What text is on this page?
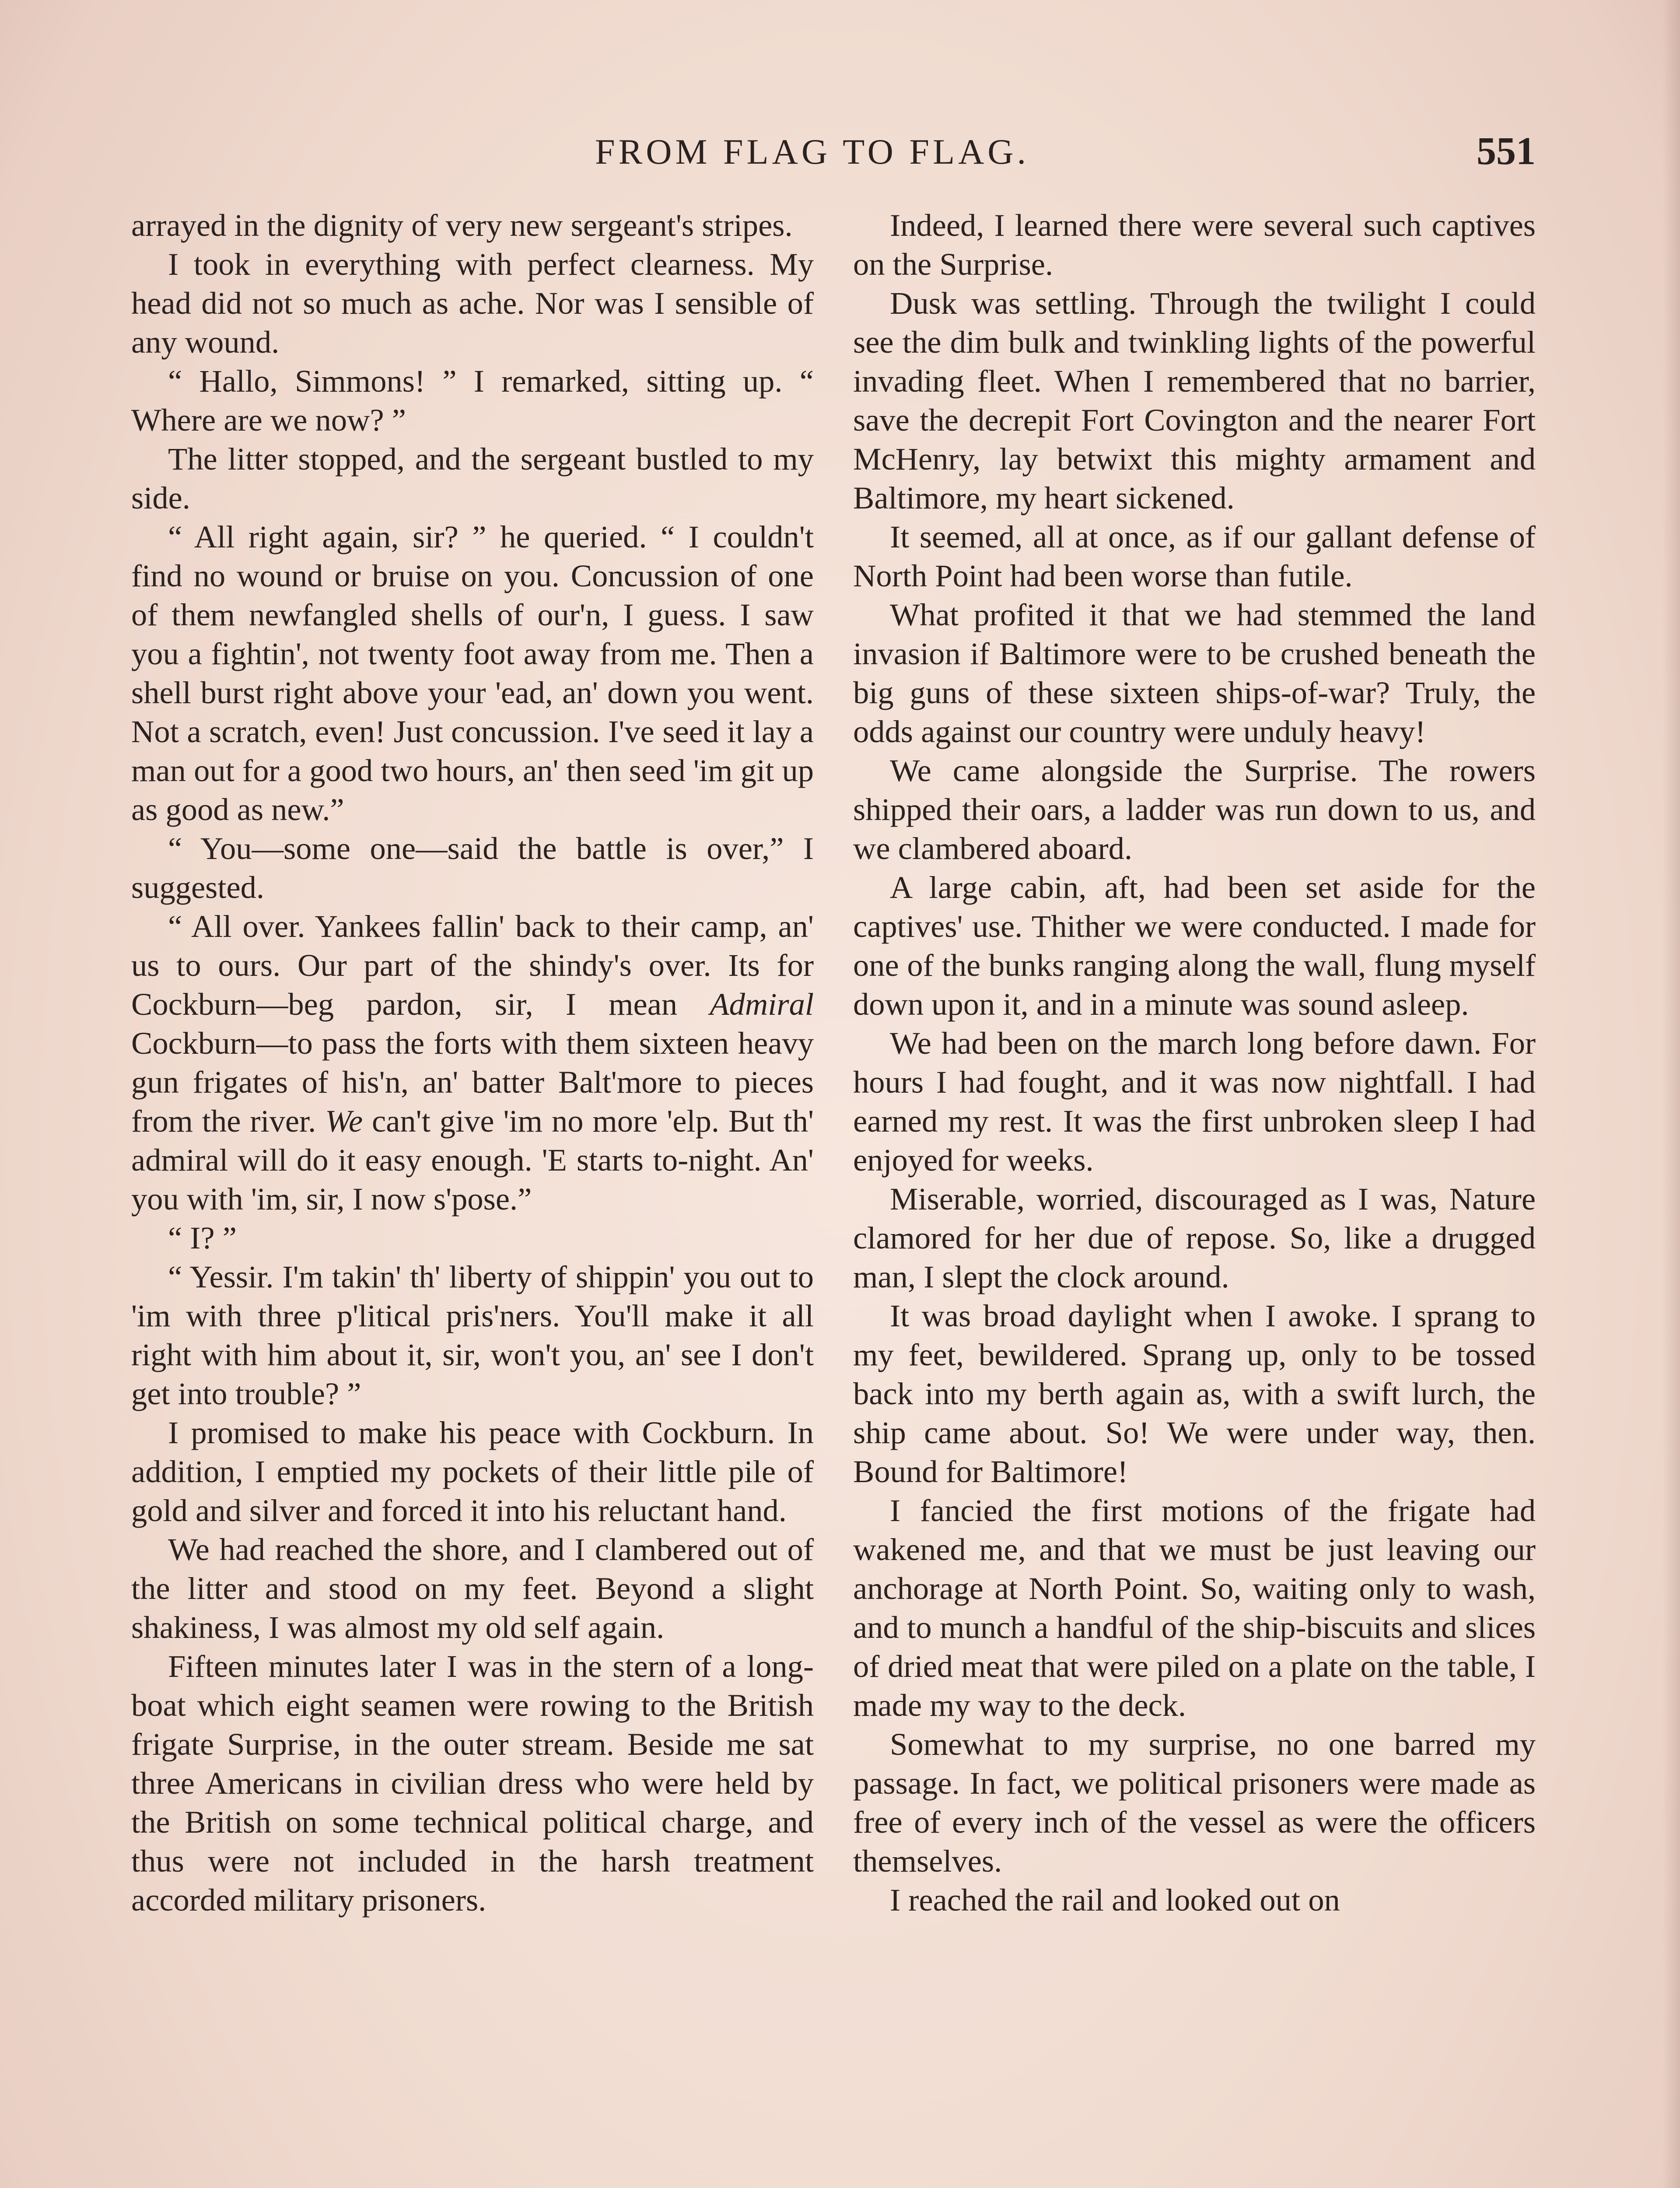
FROM FLAG TO FLAG.	551

arrayed in the dignity of very new sergeant's stripes.

I took in everything with perfect clearness. My head did not so much as ache. Nor was I sensible of any wound.

“ Hallo, Simmons! ” I remarked, sitting up. “ Where are we now? ”

The litter stopped, and the sergeant bustled to my side.

“ All right again, sir? ” he queried. “ I couldn't find no wound or bruise on you. Concussion of one of them newfangled shells of our'n, I guess. I saw you a fightin', not twenty foot away from me. Then a shell burst right above your 'ead, an' down you went. Not a scratch, even! Just concussion. I've seed it lay a man out for a good two hours, an' then seed 'im git up as good as new.”

“ You—some one—said the battle is over,” I suggested.

“ All over. Yankees fallin' back to their camp, an' us to ours. Our part of the shindy's over. Its for Cockburn—beg pardon, sir, I mean Admiral Cockburn—to pass the forts with them sixteen heavy gun frigates of his'n, an' batter Balt'more to pieces from the river. We can't give 'im no more 'elp. But th' admiral will do it easy enough. 'E starts to-night. An' you with 'im, sir, I now s'pose.”

“ I? ”

“ Yessir. I'm takin' th' liberty of shippin' you out to 'im with three p'litical pris'ners. You'll make it all right with him about it, sir, won't you, an' see I don't get into trouble? ”

I promised to make his peace with Cockburn. In addition, I emptied my pockets of their little pile of gold and silver and forced it into his reluctant hand.

We had reached the shore, and I clambered out of the litter and stood on my feet. Beyond a slight shakiness, I was almost my old self again.

Fifteen minutes later I was in the stern of a long-boat which eight seamen were rowing to the British frigate Surprise, in the outer stream. Beside me sat three Americans in civilian dress who were held by the British on some technical political charge, and thus were not included in the harsh treatment accorded military prisoners.

Indeed, I learned there were several such captives on the Surprise.

Dusk was settling. Through the twilight I could see the dim bulk and twinkling lights of the powerful invading fleet. When I remembered that no barrier, save the decrepit Fort Covington and the nearer Fort McHenry, lay betwixt this mighty armament and Baltimore, my heart sickened.

It seemed, all at once, as if our gallant defense of North Point had been worse than futile.

What profited it that we had stemmed the land invasion if Baltimore were to be crushed beneath the big guns of these sixteen ships-of-war? Truly, the odds against our country were unduly heavy!

We came alongside the Surprise. The rowers shipped their oars, a ladder was run down to us, and we clambered aboard.

A large cabin, aft, had been set aside for the captives' use. Thither we were conducted. I made for one of the bunks ranging along the wall, flung myself down upon it, and in a minute was sound asleep.

We had been on the march long before dawn. For hours I had fought, and it was now nightfall. I had earned my rest. It was the first unbroken sleep I had enjoyed for weeks.

Miserable, worried, discouraged as I was, Nature clamored for her due of repose. So, like a drugged man, I slept the clock around.

It was broad daylight when I awoke. I sprang to my feet, bewildered. Sprang up, only to be tossed back into my berth again as, with a swift lurch, the ship came about. So! We were under way, then. Bound for Baltimore!

I fancied the first motions of the frigate had wakened me, and that we must be just leaving our anchorage at North Point. So, waiting only to wash, and to munch a handful of the ship-biscuits and slices of dried meat that were piled on a plate on the table, I made my way to the deck.

Somewhat to my surprise, no one barred my passage. In fact, we political prisoners were made as free of every inch of the vessel as were the officers themselves.

I reached the rail and looked out on
